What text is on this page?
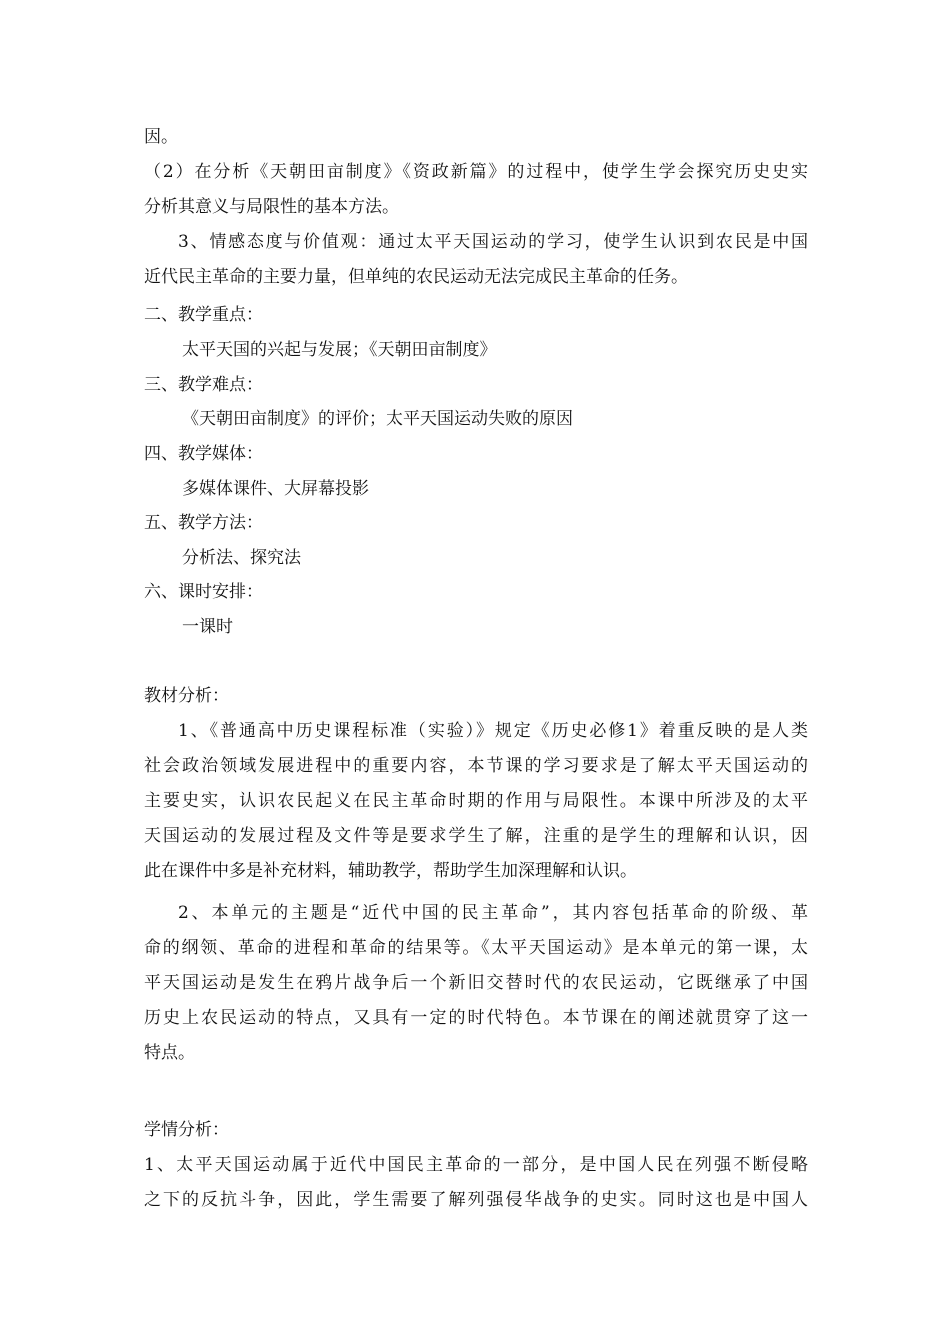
因。
（2）在分析《天朝田亩制度》《资政新篇》的过程中，使学生学会探究历史史实
分析其意义与局限性的基本方法。
3、情感态度与价值观：通过太平天国运动的学习，使学生认识到农民是中国
近代民主革命的主要力量，但单纯的农民运动无法完成民主革命的任务。
二、教学重点：
太平天国的兴起与发展；《天朝田亩制度》
三、教学难点：
《天朝田亩制度》的评价；太平天国运动失败的原因
四、教学媒体：
多媒体课件、大屏幕投影
五、教学方法：
分析法、探究法
六、课时安排：
一课时
教材分析：
1、《普通高中历史课程标准（实验）》规定《历史必修1》着重反映的是人类
社会政治领域发展进程中的重要内容，本节课的学习要求是了解太平天国运动的
主要史实，认识农民起义在民主革命时期的作用与局限性。本课中所涉及的太平
天国运动的发展过程及文件等是要求学生了解，注重的是学生的理解和认识，因
此在课件中多是补充材料，辅助教学，帮助学生加深理解和认识。
2、本单元的主题是“近代中国的民主革命”，其内容包括革命的阶级、革
命的纲领、革命的进程和革命的结果等。《太平天国运动》是本单元的第一课，太
平天国运动是发生在鸦片战争后一个新旧交替时代的农民运动，它既继承了中国
历史上农民运动的特点，又具有一定的时代特色。本节课在的阐述就贯穿了这一
特点。
学情分析：
1、太平天国运动属于近代中国民主革命的一部分，是中国人民在列强不断侵略
之下的反抗斗争，因此，学生需要了解列强侵华战争的史实。同时这也是中国人
